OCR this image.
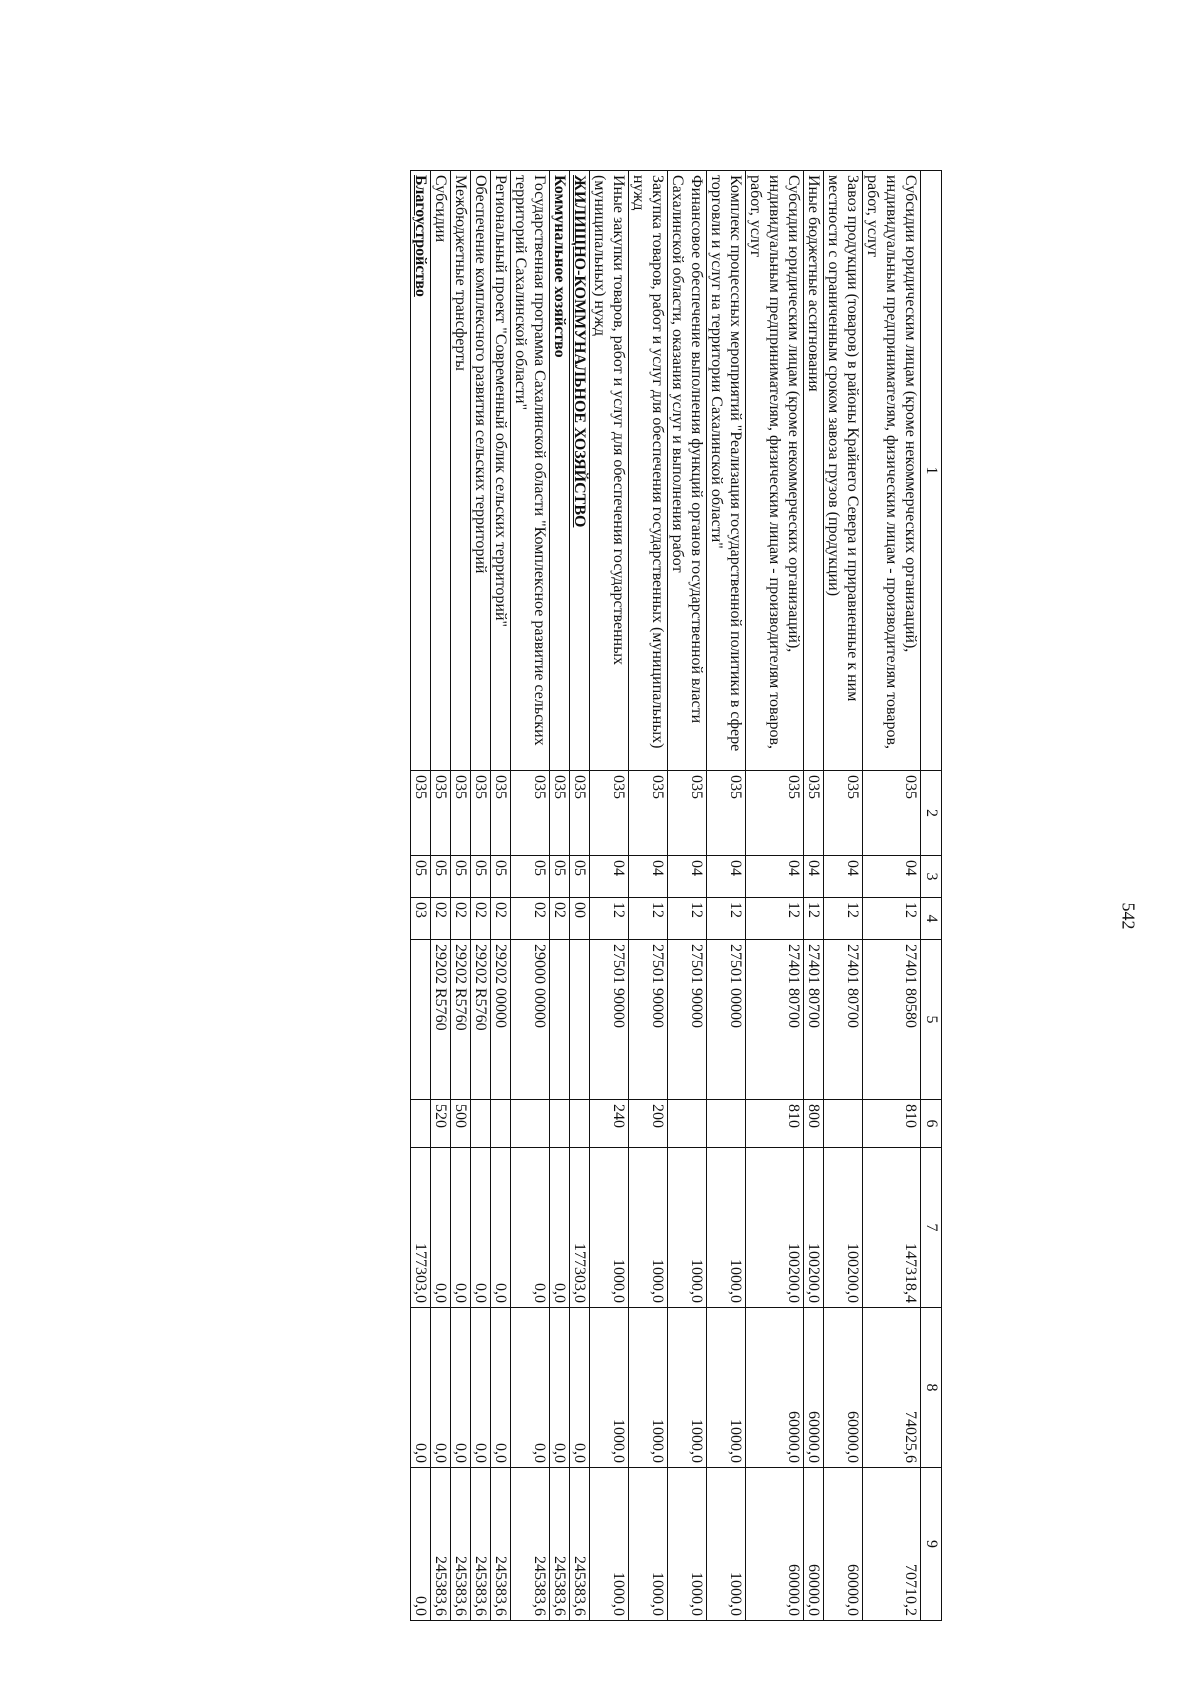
542
1	2	3	4	5	6	7	8	9
Субсидии юридическим лицам (кроме некоммерческих организаций), индивидуальным предпринимателям, физическим лицам - производителям товаров, работ, услуг	035	04	12	27401 80580	810	147318,4	74025,6	70710,2
Завоз продукции (товаров) в районы Крайнего Севера и приравненные к ним местности с ограниченным сроком завоза грузов (продукции)	035	04	12	27401 80700		100200,0	60000,0	60000,0
Иные бюджетные ассигнования	035	04	12	27401 80700	800	100200,0	60000,0	60000,0
Субсидии юридическим лицам (кроме некоммерческих организаций), индивидуальным предпринимателям, физическим лицам - производителям товаров, работ, услуг	035	04	12	27401 80700	810	100200,0	60000,0	60000,0
Комплекс процессных мероприятий "Реализация государственной политики в сфере торговли и услуг на территории Сахалинской области"	035	04	12	27501 00000		1000,0	1000,0	1000,0
Финансовое обеспечение выполнения функций органов государственной власти Сахалинской области, оказания услуг и выполнения работ	035	04	12	27501 90000		1000,0	1000,0	1000,0
Закупка товаров, работ и услуг для обеспечения государственных (муниципальных) нужд	035	04	12	27501 90000	200	1000,0	1000,0	1000,0
Иные закупки товаров, работ и услуг для обеспечения государственных (муниципальных) нужд	035	04	12	27501 90000	240	1000,0	1000,0	1000,0
ЖИЛИЩНО-КОММУНАЛЬНОЕ ХОЗЯЙСТВО	035	05	00			177303,0	0,0	245383,6
Коммунальное хозяйство	035	05	02			0,0	0,0	245383,6
Государственная программа Сахалинской области "Комплексное развитие сельских территорий Сахалинской области"	035	05	02	29000 00000		0,0	0,0	245383,6
Региональный проект "Современный облик сельских территорий"	035	05	02	29202 00000		0,0	0,0	245383,6
Обеспечение комплексного развития сельских территорий	035	05	02	29202 R5760		0,0	0,0	245383,6
Межбюджетные трансферты	035	05	02	29202 R5760	500	0,0	0,0	245383,6
Субсидии	035	05	02	29202 R5760	520	0,0	0,0	245383,6
Благоустройство	035	05	03			177303,0	0,0	0,0
